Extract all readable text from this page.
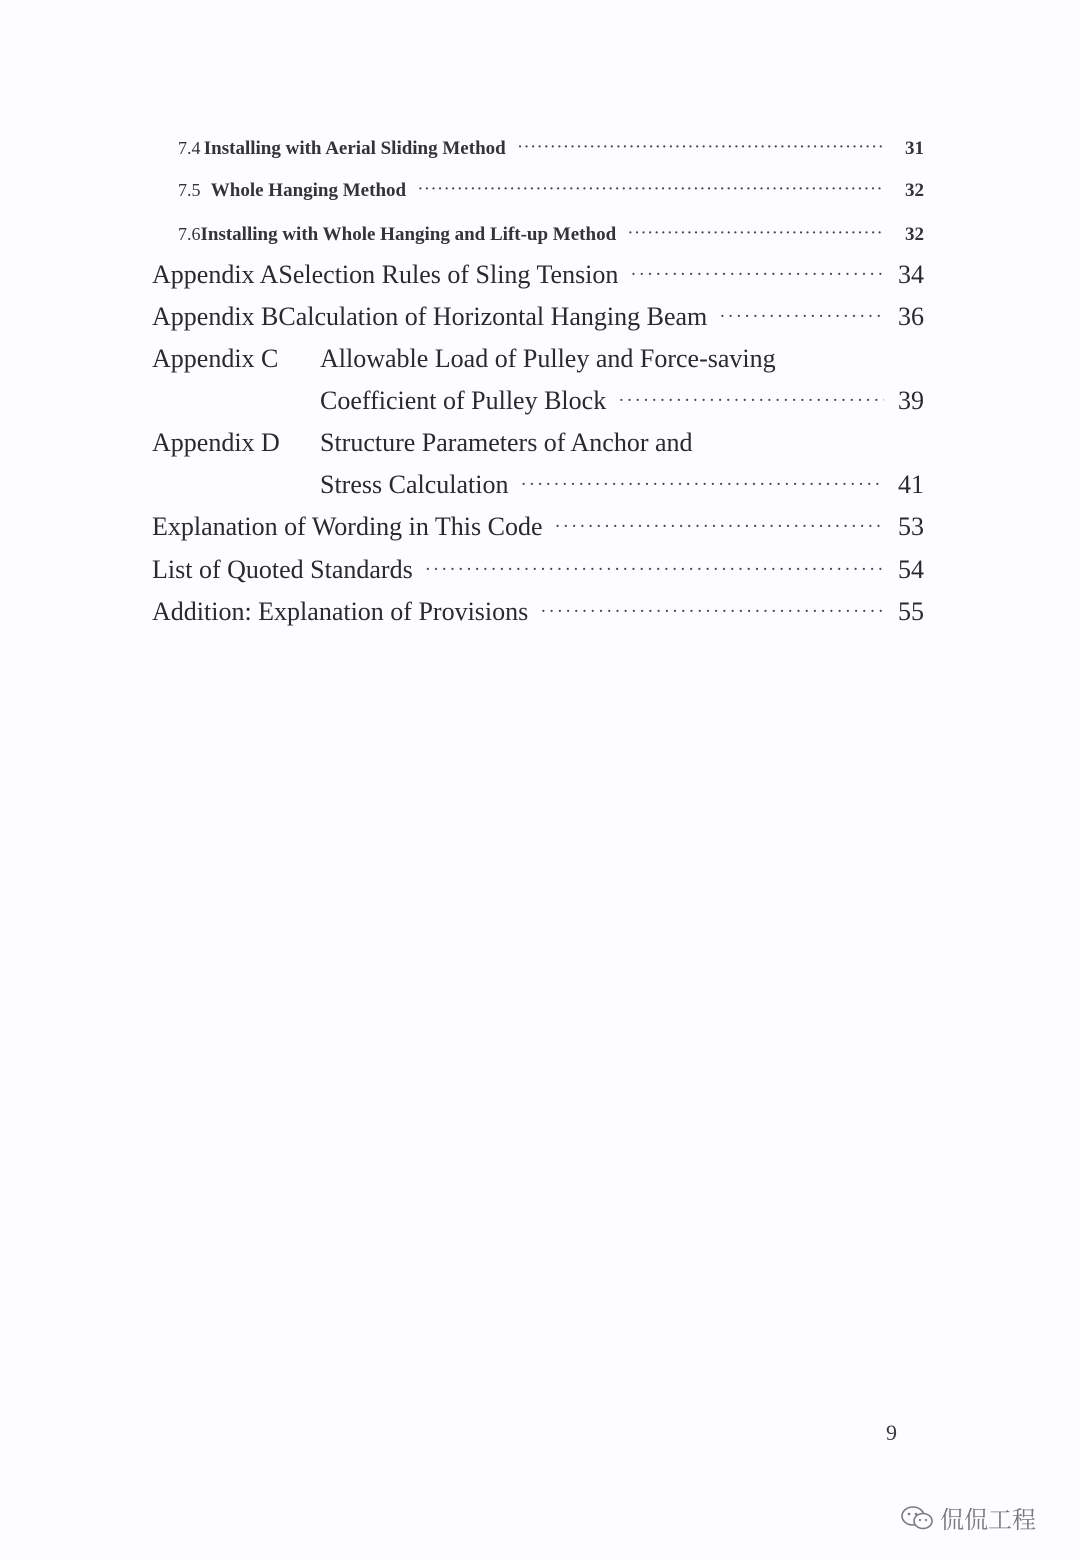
7.4 Installing with Aerial Sliding Method ·····	31
7.5 Whole Hanging Method ·····	32
7.6 Installing with Whole Hanging and Lift-up Method ·····	32
Appendix A Selection Rules of Sling Tension ·····	34
Appendix B Calculation of Horizontal Hanging Beam ·····	36
Appendix C	Allowable Load of Pulley and Force-saving
Coefficient of Pulley Block ·····	39
Appendix D	Structure Parameters of Anchor and
Stress Calculation ·····	41
Explanation of Wording in This Code ·····	53
List of Quoted Standards ·····	54
Addition: Explanation of Provisions ·····	55
9
侃侃工程
